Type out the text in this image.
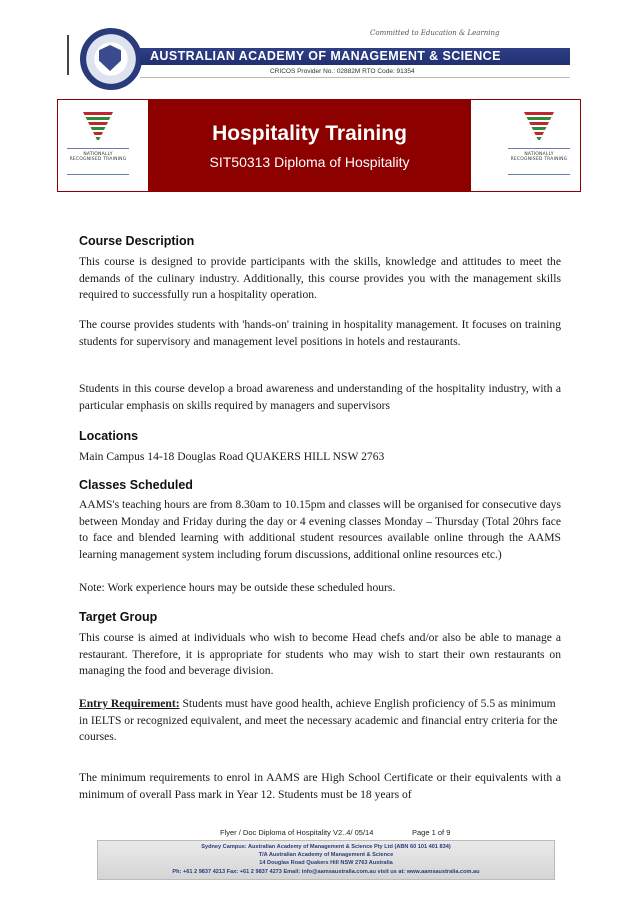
Committed to Education & Learning
AUSTRALIAN ACADEMY OF MANAGEMENT & SCIENCE
CRICOS Provider No.: 02882M RTO Code: 91354
NATIONALLY RECOGNISED TRAINING
NATIONALLY RECOGNISED TRAINING
Hospitality Training
SIT50313 Diploma of Hospitality
Course Description
This course is designed to provide participants with the skills, knowledge and attitudes to meet the demands of the culinary industry. Additionally, this course provides you with the management skills required to successfully run a hospitality operation.
The course provides students with 'hands-on' training in hospitality management. It focuses on training students for supervisory and management level positions in hotels and restaurants.
Students in this course develop a broad awareness and understanding of the hospitality industry, with a particular emphasis on skills required by managers and supervisors
Locations
Main Campus 14-18 Douglas Road QUAKERS HILL NSW 2763
Classes Scheduled
AAMS's teaching hours are from 8.30am to 10.15pm and classes will be organised for consecutive days between Monday and Friday during the day or 4 evening classes Monday – Thursday (Total 20hrs face to face and blended learning with additional student resources available online through the AAMS learning management system including forum discussions, additional online resources etc.)
Note: Work experience hours may be outside these scheduled hours.
Target Group
This course is aimed at individuals who wish to become Head chefs and/or also be able to manage a restaurant. Therefore, it is appropriate for students who may wish to start their own restaurants on managing the food and beverage division.
Entry Requirement: Students must have good health, achieve English proficiency of 5.5 as minimum in IELTS or recognized equivalent, and meet the necessary academic and financial entry criteria for the courses.
The minimum requirements to enrol in AAMS are High School Certificate or their equivalents with a minimum of overall Pass mark in Year 12. Students must be 18 years of
Flyer / Doc Diploma of Hospitality V2..4/ 05/14	Page 1 of 9
Sydney Campus: Australian Academy of Management & Science Pty Ltd (ABN 60 101 401 834)
T/A Australian Academy of Management & Science
14 Douglas Road Quakers Hill NSW 2763 Australia
Ph: +61 2 9837 4213 Fax: +61 2 9837 4273 Email: info@aamsaustralia.com.au visit us at: www.aamsaustralia.com.au
